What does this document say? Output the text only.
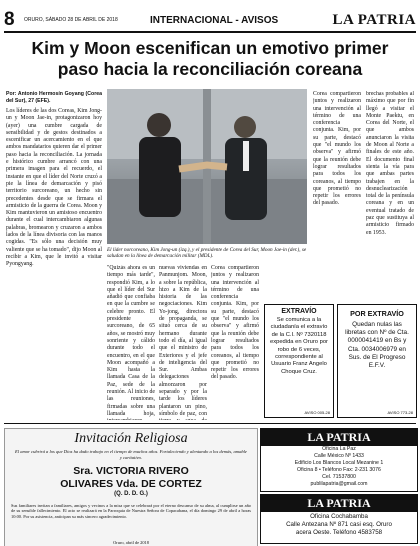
8	ORURO, SÁBADO 28 DE ABRIL DE 2018	INTERNACIONAL - AVISOS	LA PATRIA
Kim y Moon escenifican un emotivo primer
paso hacia la reconciliación coreana

Por: Antonio Hermosín Goyang (Corea del Sur), 27 (EFE).

Los líderes de las dos Coreas, Kim Jong-un y Moon Jae-in, protagonizaron hoy (ayer) una cumbre cargada de sensibilidad y de gestos destinados a escenificar un acercamiento en el que ambos mandatarios quieren dar el primer paso hacia la reconciliación. La jornada e histórico cumbre arrancó con una primera imagen para el recuerdo, el instante en que el líder del Norte cruzó a pie la línea de demarcación y pisó territorio surcoreano, un hecho sin precedentes desde que se firmara el armisticio de la guerra de Corea. Moon y Kim mantuvieron un amistoso encuentro durante el cual intercambiaron algunas palabras, bromearon y cruzaron a ambos lados de la línea divisoria con las manos cogidas. "Es sólo una decisión muy valiente que se ha tomado", dijo Moon al recibir a Kim, que le invitó a visitar Pyongyang.

El líder norcoreano, Kim Jong-un (izq.), y el presidente de Corea del Sur, Moon Jae-in (der.), se saludan en la línea de demarcación militar (MDL).

"Quizás ahora es un tiempo más tarde", respondió Kim, a lo que el líder del Sur añadió que confiaba en que la cumbre se celebre pronto. El presidente surcoreano, de 65 años, se mostró muy sonriente y cálido durante todo el encuentro, en el que Moon acompañó a Kim hasta la llamada Casa de la Paz, sede de la reunión. Al inicio de las reuniones, firmadas sobre una llamada hoja,

nuevas viviendas en Panmunjom. Moon, a sobre la república, hizo a Kim de la historia de las negociaciones. Kim Yo-jong, directora de propaganda, se situó cerca de su hermano durante todo el día, al igual que el ministro de Exteriores y el jefe de inteligencia del Sur. Ambas delegaciones almorzaron por separado y por la tarde los líderes plantaron un pino, símbolo de paz, con

Corea compartieron juntos y realizaron una intervención al término de una conferencia conjunta. Kim, por su parte, destacó que "el mundo los observa" y afirmó que la reunión debe lograr resultados para todos los coreanos, al tiempo que prometió no repetir los errores del pasado.

Corea compartieron juntos y realizaron una intervención al término de una conferencia conjunta. Kim, por su parte, destacó que "el mundo los observa" y afirmó que la reunión debe lograr resultados para todos los coreanos, al tiempo que prometió no repetir los errores del pasado.

brechas probables al máximo que por fin llegó a visitar el Monte Paektu, en Corea del Norte, el que ambos anunciaron la visita de Moon al Norte a finales de este año. El documento final sienta la vía para que ambas partes trabajen en la desnuclearización total de la península coreana y en un eventual tratado de paz que sustituya al armisticio firmado en 1953.

EXTRAVÍO
Se comunica a la ciudadanía el extravío de la C.I. Nº 7320118 expedida en Oruro por robo de 6 veces, correspondiente al Usuario Franz Angelo Choque Cruz.
AVISO 005-28
POR EXTRAVÍO
Quedan nulas las libretas con Nº de Cta. 0000041419 en Bs y Cta. 0034006979 en Sus. de El Progreso E.F.V.
AVISO 773-28
Invitación Religiosa
El amor cubrirá a los que Dios ha dado trabajo en el tiempo de muchos años. Fortaleciendo y alentando a los demás, amable y caritativo.
Sra. VICTORIA RIVERO
OLIVARES Vda. DE CORTEZ
(Q. D. D. G.)
Sus familiares invitan a familiares, amigos y vecinos a la misa que se celebrará por el eterno descanso de su alma, al cumplirse un año de su sensible fallecimiento. El acto se realizará en la Parroquia de Nuestra Señora de Copacabana, el día domingo 29 de abril a horas 10:00. Por su asistencia, anticipan su más sincero agradecimiento.
Oruro, abril de 2018
LA PATRIA
Oficina La Paz
Calle México Nº 1433
Edificio Los Blancos Local Mezanine 1
Oficina 8 • Teléfono Fax: 2-231 3076
Cel. 71537800
publilapatria@gmail.com
LA PATRIA
Oficina Cochabamba
Calle Antezana Nº 871 casi esq. Oruro
acera Oeste. Teléfono 4583758
